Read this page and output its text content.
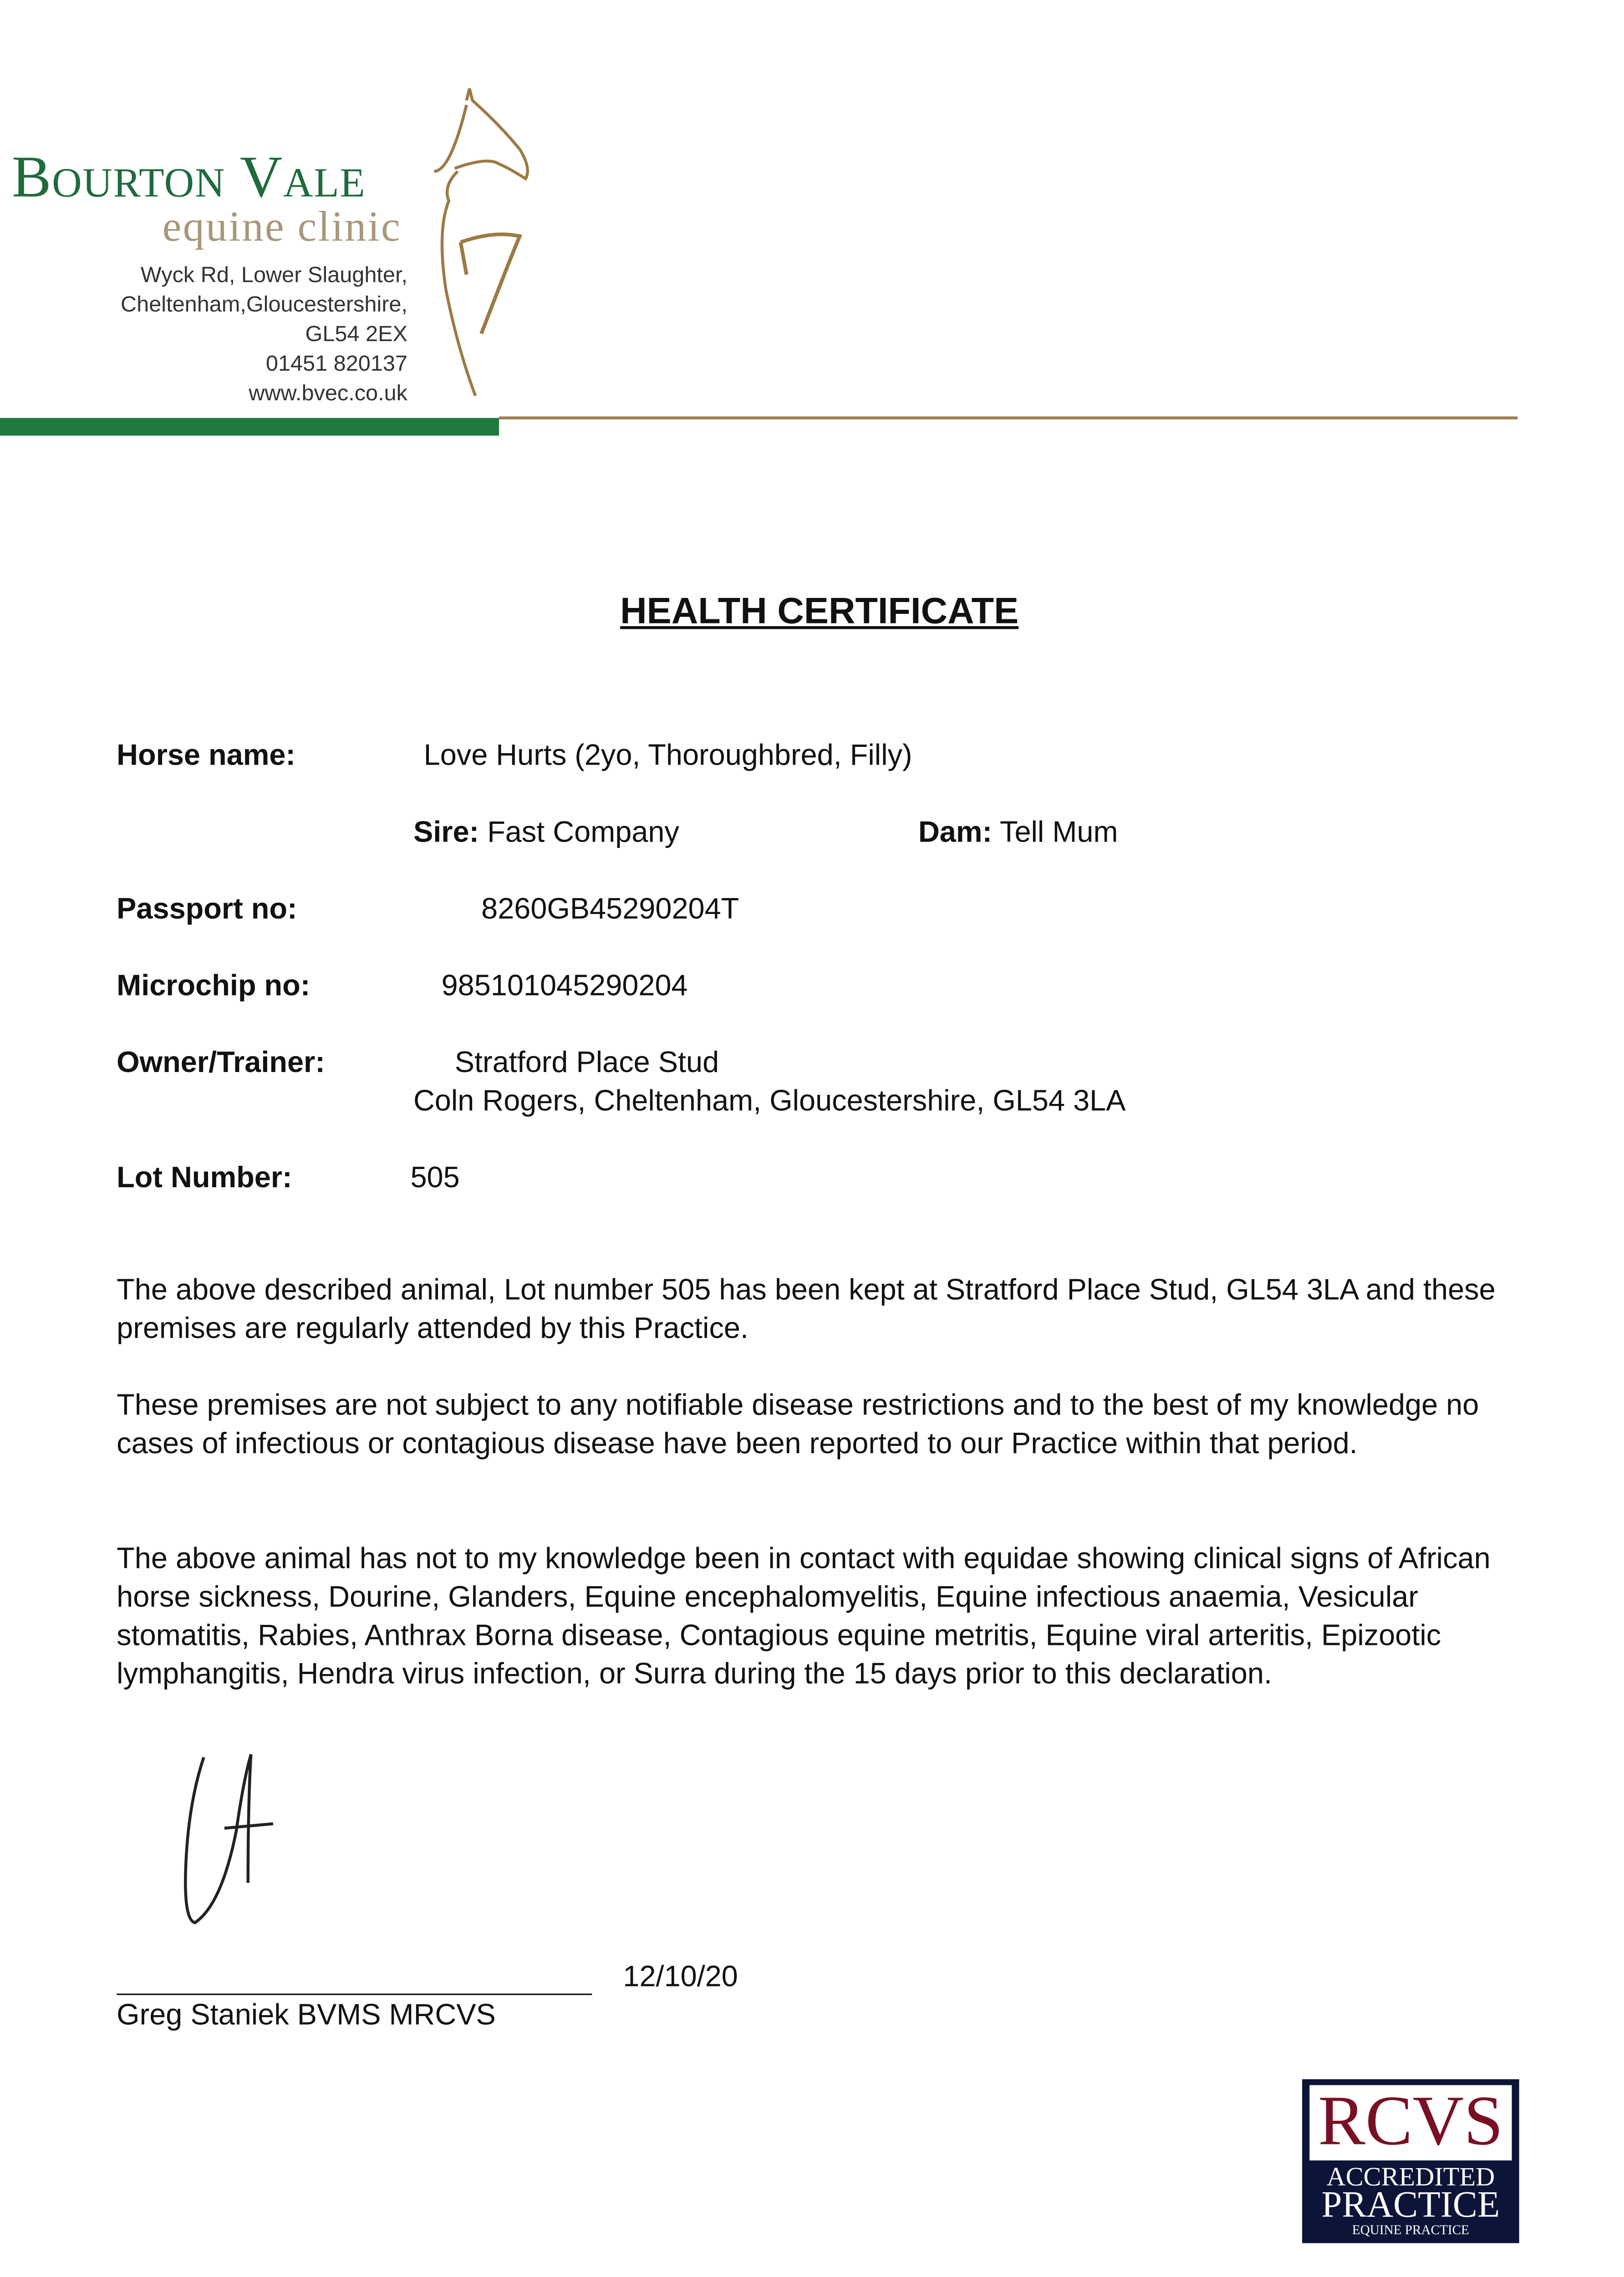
Bourton Vale
equine clinic
Wyck Rd, Lower Slaughter,
Cheltenham,Gloucestershire,
GL54 2EX
01451 820137
www.bvec.co.uk
HEALTH CERTIFICATE
Horse name:	Love Hurts (2yo, Thoroughbred, Filly)
Sire: Fast Company	Dam: Tell Mum
Passport no:	8260GB45290204T
Microchip no:	985101045290204
Owner/Trainer:	Stratford Place Stud
Coln Rogers, Cheltenham, Gloucestershire, GL54 3LA
Lot Number:	505
The above described animal, Lot number 505 has been kept at Stratford Place Stud, GL54 3LA and these premises are regularly attended by this Practice.
These premises are not subject to any notifiable disease restrictions and to the best of my knowledge no cases of infectious or contagious disease have been reported to our Practice within that period.
The above animal has not to my knowledge been in contact with equidae showing clinical signs of African horse sickness, Dourine, Glanders, Equine encephalomyelitis, Equine infectious anaemia, Vesicular stomatitis, Rabies, Anthrax Borna disease, Contagious equine metritis, Equine viral arteritis, Epizootic lymphangitis, Hendra virus infection, or Surra during the 15 days prior to this declaration.
12/10/20
Greg Staniek BVMS MRCVS
RCVS
ACCREDITED
PRACTICE
EQUINE PRACTICE
